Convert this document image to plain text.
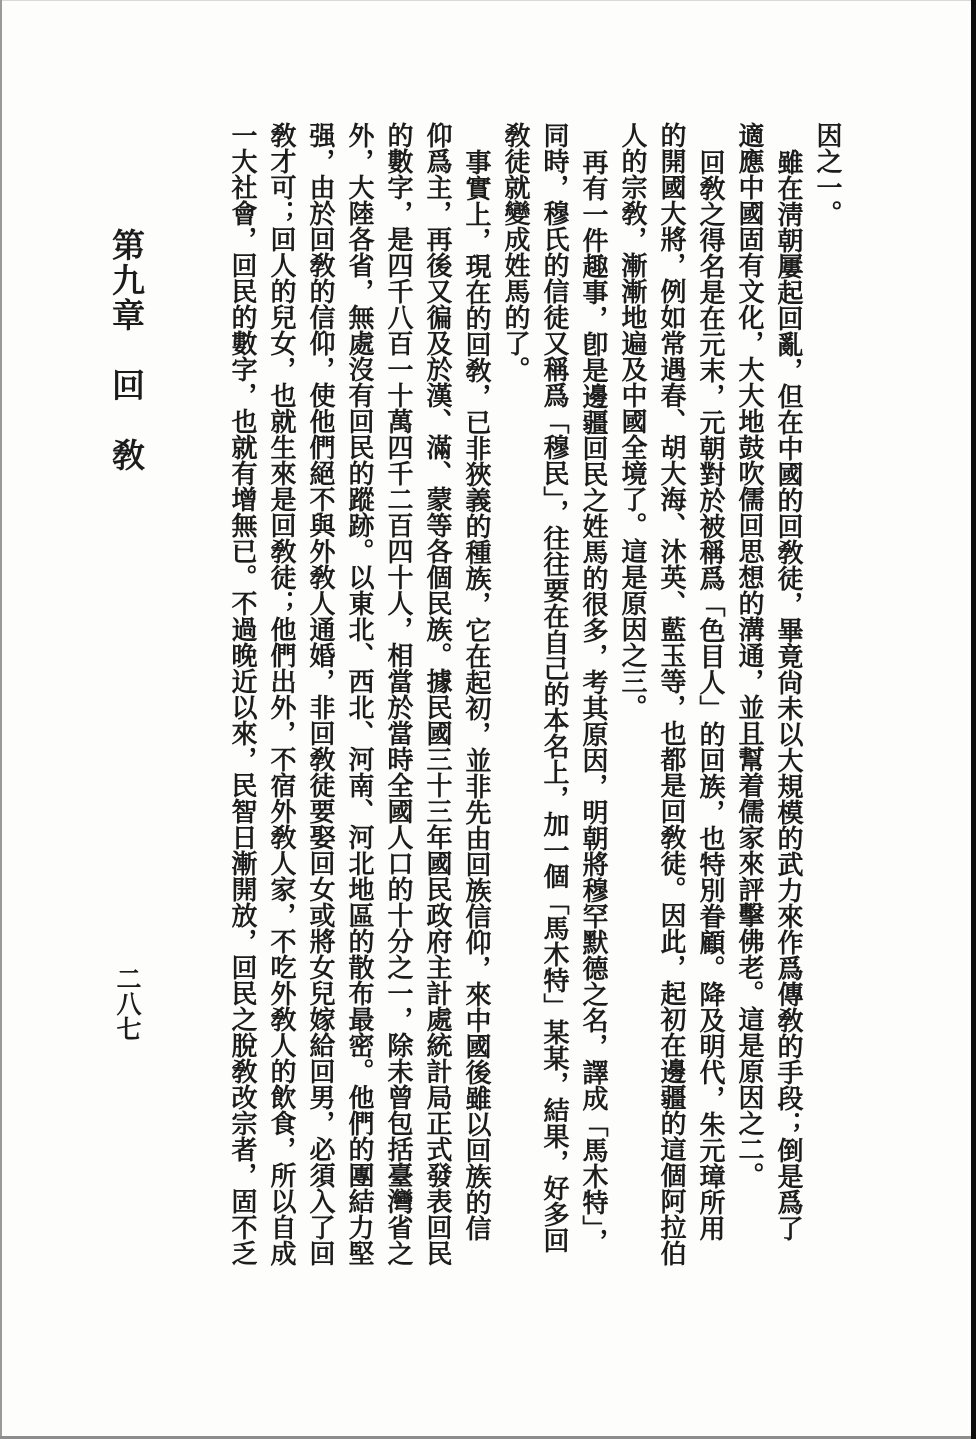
因之一。
雖在淸朝屢起回亂，但在中國的回敎徒，畢竟尙未以大規模的武力來作爲傳敎的手段；倒是爲了
適應中國固有文化，大大地鼓吹儒回思想的溝通，並且幫着儒家來評擊佛老。這是原因之二。
回敎之得名是在元末，元朝對於被稱爲「色目人」的回族，也特別眷顧。降及明代，朱元璋所用
的開國大將，例如常遇春、胡大海、沐英、藍玉等，也都是回敎徒。因此，起初在邊疆的這個阿拉伯
人的宗敎，漸漸地遍及中國全境了。這是原因之三。
再有一件趣事，卽是邊疆回民之姓馬的很多，考其原因，明朝將穆罕默德之名，譯成「馬木特」，
同時，穆氏的信徒又稱爲「穆民」，往往要在自己的本名上，加一個「馬木特」某某，結果，好多回
敎徒就變成姓馬的了。
事實上，現在的回敎，已非狹義的種族，它在起初，並非先由回族信仰，來中國後雖以回族的信
仰爲主，再後又徧及於漢、滿、蒙等各個民族。據民國三十三年國民政府主計處統計局正式發表回民
的數字，是四千八百一十萬四千二百四十人，相當於當時全國人口的十分之一，除未曾包括臺灣省之
外，大陸各省，無處沒有回民的蹤跡。以東北、西北、河南、河北地區的散布最密。他們的團結力堅
强，由於回敎的信仰，使他們絕不與外敎人通婚，非回敎徒要娶回女或將女兒嫁給回男，必須入了回
敎才可；回人的兒女，也就生來是回敎徒；他們出外，不宿外敎人家，不吃外敎人的飲食，所以自成
一大社會，回民的數字，也就有增無已。不過晚近以來，民智日漸開放，回民之脫敎改宗者，固不乏
第九章　回　敎
二八七
